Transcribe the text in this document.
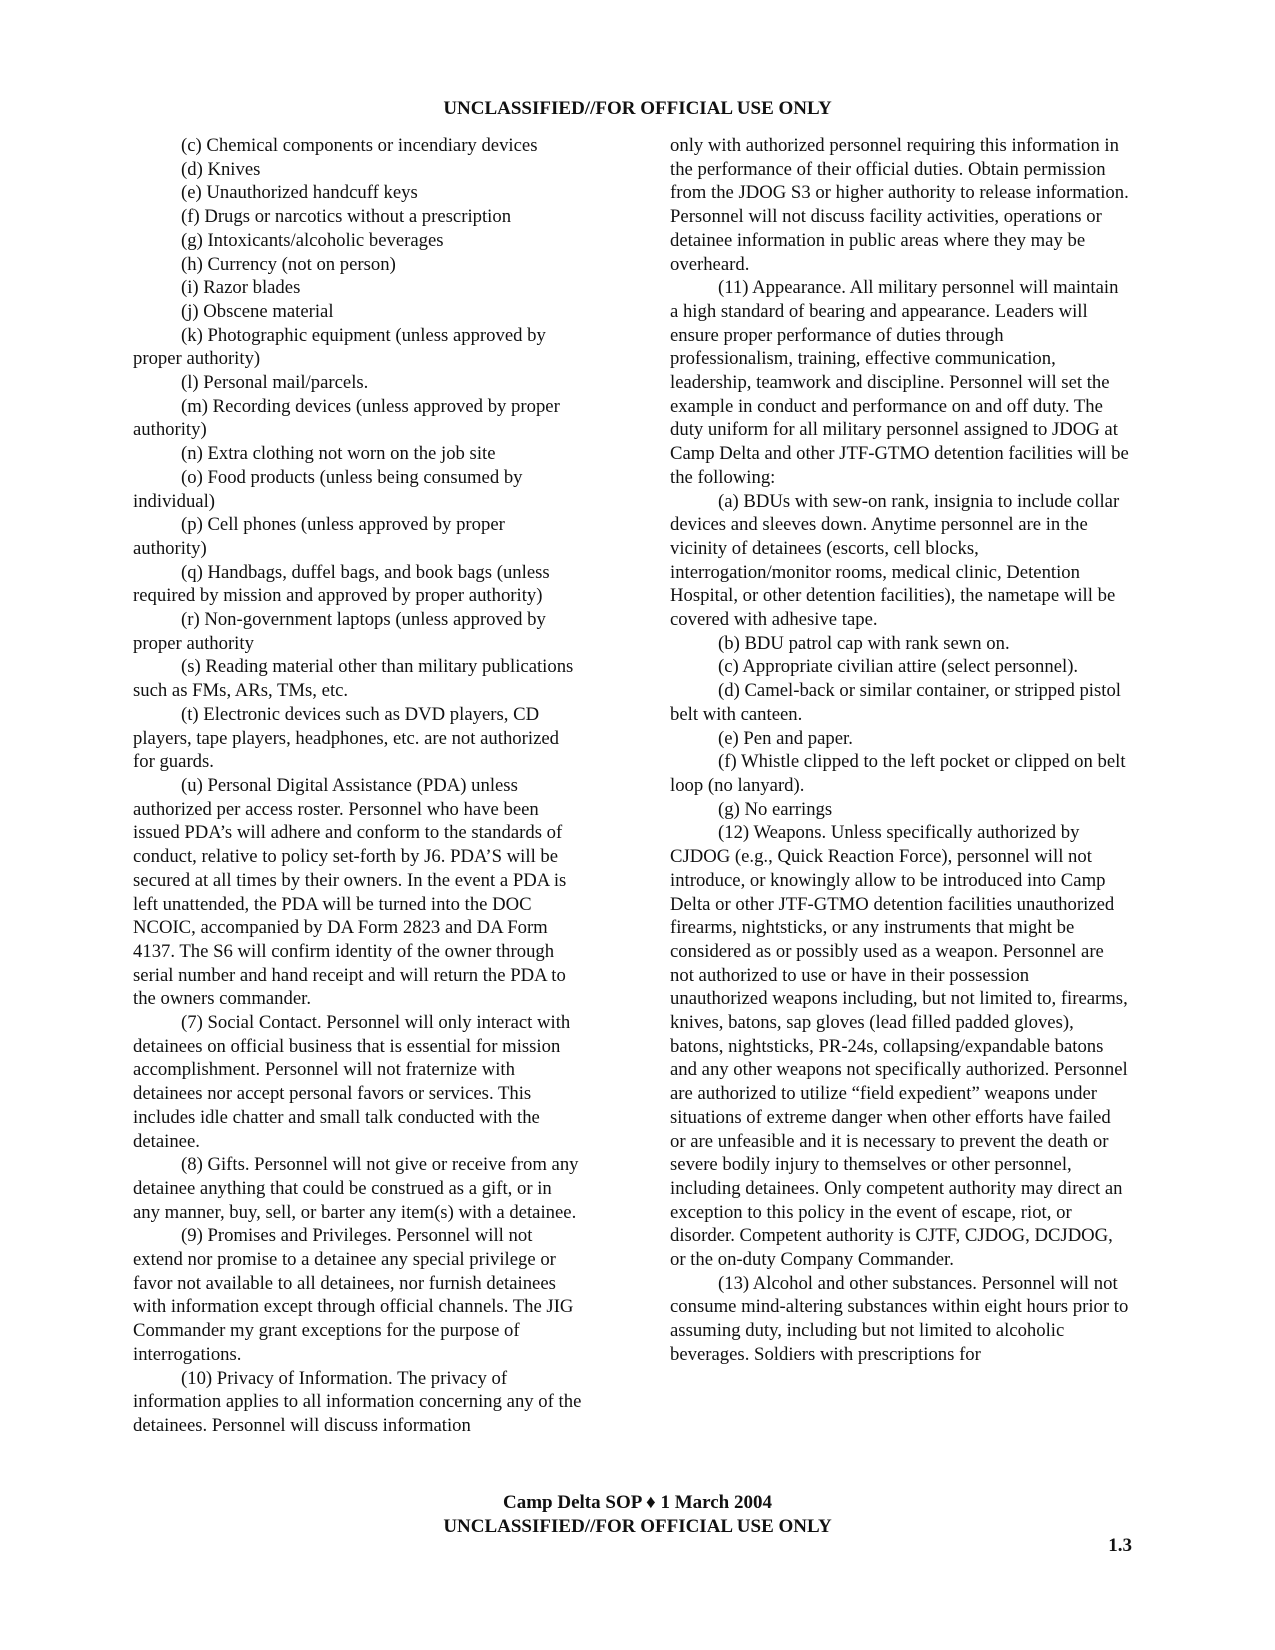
UNCLASSIFIED//FOR OFFICIAL USE ONLY

(c) Chemical components or incendiary devices

(d) Knives

(e) Unauthorized handcuff keys

(f) Drugs or narcotics without a prescription

(g) Intoxicants/alcoholic beverages

(h) Currency (not on person)

(i) Razor blades

(j) Obscene material

(k) Photographic equipment (unless approved by proper authority)

(l) Personal mail/parcels.

(m) Recording devices (unless approved by proper authority)

(n) Extra clothing not worn on the job site

(o) Food products (unless being consumed by individual)

(p) Cell phones (unless approved by proper authority)

(q) Handbags, duffel bags, and book bags (unless required by mission and approved by proper authority)

(r) Non-government laptops (unless approved by proper authority

(s) Reading material other than military publications such as FMs, ARs, TMs, etc.

(t) Electronic devices such as DVD players, CD players, tape players, headphones, etc. are not authorized for guards.

(u) Personal Digital Assistance (PDA) unless authorized per access roster. Personnel who have been issued PDA’s will adhere and conform to the standards of conduct, relative to policy set-forth by J6. PDA’S will be secured at all times by their owners. In the event a PDA is left unattended, the PDA will be turned into the DOC NCOIC, accompanied by DA Form 2823 and DA Form 4137. The S6 will confirm identity of the owner through serial number and hand receipt and will return the PDA to the owners commander.

(7) Social Contact. Personnel will only interact with detainees on official business that is essential for mission accomplishment. Personnel will not fraternize with detainees nor accept personal favors or services. This includes idle chatter and small talk conducted with the detainee.

(8) Gifts. Personnel will not give or receive from any detainee anything that could be construed as a gift, or in any manner, buy, sell, or barter any item(s) with a detainee.

(9) Promises and Privileges. Personnel will not extend nor promise to a detainee any special privilege or favor not available to all detainees, nor furnish detainees with information except through official channels. The JIG Commander my grant exceptions for the purpose of interrogations.

(10) Privacy of Information. The privacy of information applies to all information concerning any of the detainees. Personnel will discuss information

only with authorized personnel requiring this information in the performance of their official duties. Obtain permission from the JDOG S3 or higher authority to release information. Personnel will not discuss facility activities, operations or detainee information in public areas where they may be overheard.

(11) Appearance. All military personnel will maintain a high standard of bearing and appearance. Leaders will ensure proper performance of duties through professionalism, training, effective communication, leadership, teamwork and discipline. Personnel will set the example in conduct and performance on and off duty. The duty uniform for all military personnel assigned to JDOG at Camp Delta and other JTF-GTMO detention facilities will be the following:

(a) BDUs with sew-on rank, insignia to include collar devices and sleeves down. Anytime personnel are in the vicinity of detainees (escorts, cell blocks, interrogation/monitor rooms, medical clinic, Detention Hospital, or other detention facilities), the nametape will be covered with adhesive tape.

(b) BDU patrol cap with rank sewn on.

(c) Appropriate civilian attire (select personnel).

(d) Camel-back or similar container, or stripped pistol belt with canteen.

(e) Pen and paper.

(f) Whistle clipped to the left pocket or clipped on belt loop (no lanyard).

(g) No earrings

(12) Weapons. Unless specifically authorized by CJDOG (e.g., Quick Reaction Force), personnel will not introduce, or knowingly allow to be introduced into Camp Delta or other JTF-GTMO detention facilities unauthorized firearms, nightsticks, or any instruments that might be considered as or possibly used as a weapon. Personnel are not authorized to use or have in their possession unauthorized weapons including, but not limited to, firearms, knives, batons, sap gloves (lead filled padded gloves), batons, nightsticks, PR-24s, collapsing/expandable batons and any other weapons not specifically authorized. Personnel are authorized to utilize “field expedient” weapons under situations of extreme danger when other efforts have failed or are unfeasible and it is necessary to prevent the death or severe bodily injury to themselves or other personnel, including detainees. Only competent authority may direct an exception to this policy in the event of escape, riot, or disorder. Competent authority is CJTF, CJDOG, DCJDOG, or the on-duty Company Commander.

(13) Alcohol and other substances. Personnel will not consume mind-altering substances within eight hours prior to assuming duty, including but not limited to alcoholic beverages. Soldiers with prescriptions for

Camp Delta SOP ♦ 1 March 2004
UNCLASSIFIED//FOR OFFICIAL USE ONLY
1.3
